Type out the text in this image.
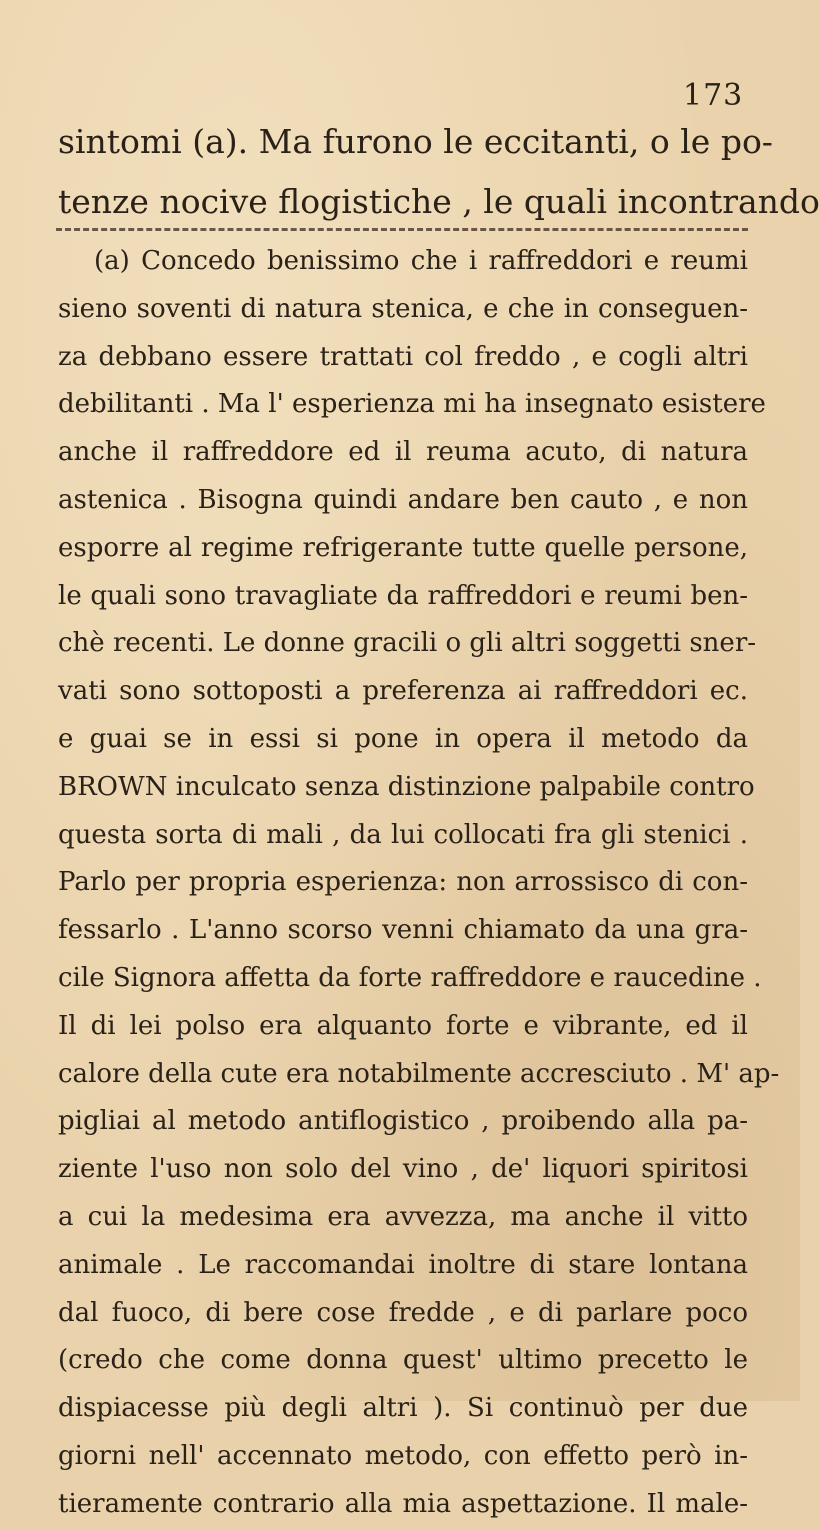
173
sintomi (a). Ma furono le eccitanti, o le po-
tenze nocive flogistiche , le quali incontrando
(a) Concedo benissimo che i raffreddori e reumi
sieno soventi di natura stenica, e che in conseguen-
za debbano essere trattati col freddo , e cogli altri
debilitanti . Ma l' esperienza mi ha insegnato esistere
anche il raffreddore ed il reuma acuto, di natura
astenica . Bisogna quindi andare ben cauto , e non
esporre al regime refrigerante tutte quelle persone,
le quali sono travagliate da raffreddori e reumi ben-
chè recenti. Le donne gracili o gli altri soggetti sner-
vati sono sottoposti a preferenza ai raffreddori ec.
e guai se in essi si pone in opera il metodo da
BROWN inculcato senza distinzione palpabile contro
questa sorta di mali , da lui collocati fra gli stenici .
Parlo per propria esperienza: non arrossisco di con-
fessarlo . L'anno scorso venni chiamato da una gra-
cile Signora affetta da forte raffreddore e raucedine .
Il di lei polso era alquanto forte e vibrante, ed il
calore della cute era notabilmente accresciuto . M' ap-
pigliai al metodo antiflogistico , proibendo alla pa-
ziente l'uso non solo del vino , de' liquori spiritosi
a cui la medesima era avvezza, ma anche il vitto
animale . Le raccomandai inoltre di stare lontana
dal fuoco, di bere cose fredde , e di parlare poco
(credo che come donna quest' ultimo precetto le
dispiacesse più degli altri ). Si continuò per due
giorni nell' accennato metodo, con effetto però in-
tieramente contrario alla mia aspettazione. Il male-
